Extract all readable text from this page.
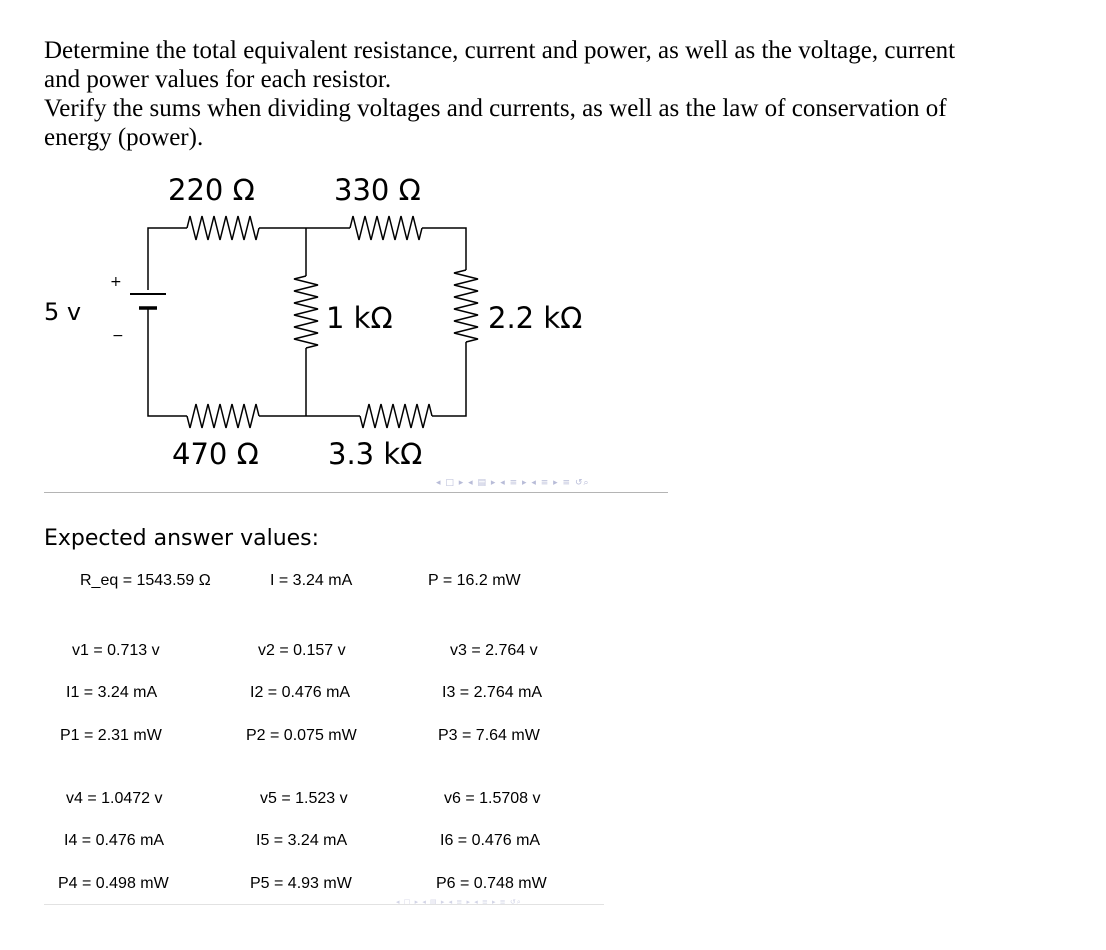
Determine the total equivalent resistance, current and power, as well as the voltage, current

and power values for each resistor.

Verify the sums when dividing voltages and currents, as well as the law of conservation of

energy (power).

+
−
5 v
220 Ω	330 Ω
1 kΩ	2.2 kΩ
470 Ω 3.3 kΩ
◂ □ ▸ ◂ ▤ ▸ ◂ ≡ ▸ ◂ ≡ ▸ ≡ ↺⌕
Expected answer values:
R_eq = 1543.59 Ω	I = 3.24 mA	P = 16.2 mW
v1 = 0.713 v	v2 = 0.157 v	v3 = 2.764 v
I1 = 3.24 mA	I2 = 0.476 mA	I3 = 2.764 mA
P1 = 2.31 mW	P2 = 0.075 mW	P3 = 7.64 mW
v4 = 1.0472 v	v5 = 1.523 v	v6 = 1.5708 v
I4 = 0.476 mA	I5 = 3.24 mA	I6 = 0.476 mA
P4 = 0.498 mW	P5 = 4.93 mW	P6 = 0.748 mW
◂ □ ▸ ◂ ▤ ▸ ◂ ≡ ▸ ◂ ≡ ▸ ≡ ↺⌕
